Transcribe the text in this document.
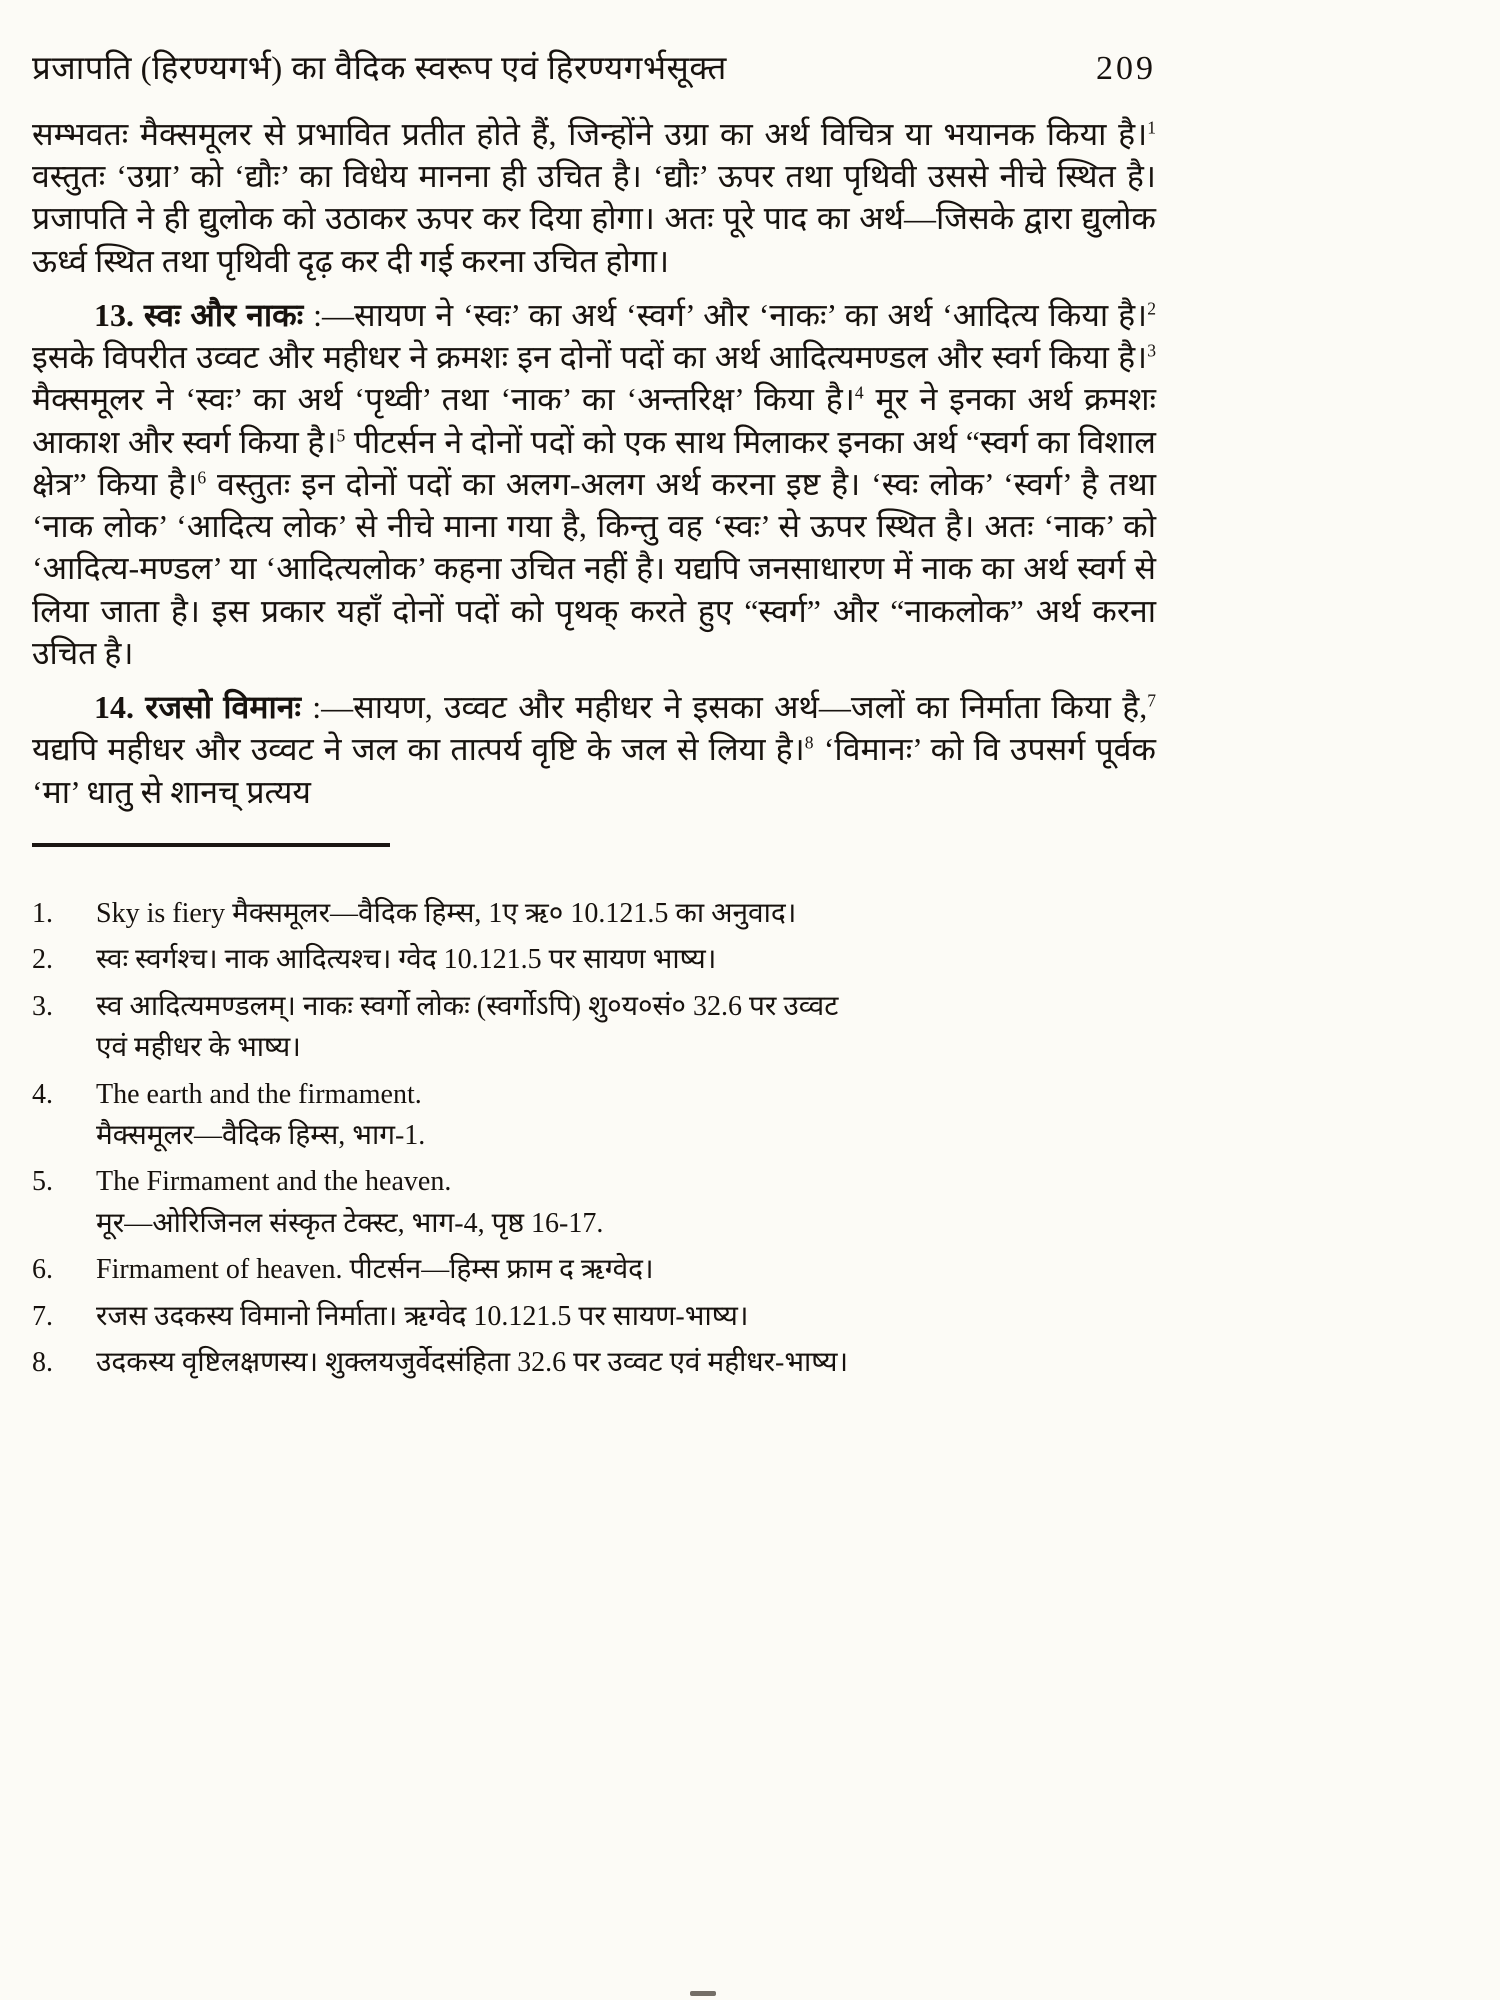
प्रजापति (हिरण्यगर्भ) का वैदिक स्वरूप एवं हिरण्यगर्भसूक्त	209

सम्भवतः मैक्समूलर से प्रभावित प्रतीत होते हैं, जिन्होंने उग्रा का अर्थ विचित्र या भयानक किया है।$^1$ वस्तुतः ‘उग्रा’ को ‘द्यौः’ का विधेय मानना ही उचित है। ‘द्यौः’ ऊपर तथा पृथिवी उससे नीचे स्थित है। प्रजापति ने ही द्युलोक को उठाकर ऊपर कर दिया होगा। अतः पूरे पाद का अर्थ—जिसके द्वारा द्युलोक ऊर्ध्व स्थित तथा पृथिवी दृढ़ कर दी गई करना उचित होगा।

13. स्वः और नाकः :—सायण ने ‘स्वः’ का अर्थ ‘स्वर्ग’ और ‘नाकः’ का अर्थ ‘आदित्य किया है।$^2$ इसके विपरीत उव्वट और महीधर ने क्रमशः इन दोनों पदों का अर्थ आदित्यमण्डल और स्वर्ग किया है।$^3$ मैक्समूलर ने ‘स्वः’ का अर्थ ‘पृथ्वी’ तथा ‘नाक’ का ‘अन्तरिक्ष’ किया है।$^4$ मूर ने इनका अर्थ क्रमशः आकाश और स्वर्ग किया है।$^5$ पीटर्सन ने दोनों पदों को एक साथ मिलाकर इनका अर्थ “स्वर्ग का विशाल क्षेत्र” किया है।$^6$ वस्तुतः इन दोनों पदों का अलग-अलग अर्थ करना इष्ट है। ‘स्वः लोक’ ‘स्वर्ग’ है तथा ‘नाक लोक’ ‘आदित्य लोक’ से नीचे माना गया है, किन्तु वह ‘स्वः’ से ऊपर स्थित है। अतः ‘नाक’ को ‘आदित्य-मण्डल’ या ‘आदित्यलोक’ कहना उचित नहीं है। यद्यपि जनसाधारण में नाक का अर्थ स्वर्ग से लिया जाता है। इस प्रकार यहाँ दोनों पदों को पृथक् करते हुए “स्वर्ग” और “नाकलोक” अर्थ करना उचित है।

14. रजसो विमानः :—सायण, उव्वट और महीधर ने इसका अर्थ—जलों का निर्माता किया है,$^7$ यद्यपि महीधर और उव्वट ने जल का तात्पर्य वृष्टि के जल से लिया है।$^8$ ‘विमानः’ को वि उपसर्ग पूर्वक ‘मा’ धातु से शानच् प्रत्यय

1.	Sky is fiery मैक्समूलर—वैदिक हिम्स, 1ए ऋ० 10.121.5 का अनुवाद।
2.	स्वः स्वर्गश्च। नाक आदित्यश्च। ग्वेद 10.121.5 पर सायण भाष्य।
3.	स्व आदित्यमण्डलम्। नाकः स्वर्गो लोकः (स्वर्गोऽपि) शु०य०सं० 32.6 पर उव्वट
एवं महीधर के भाष्य।
4.	The earth and the firmament.
मैक्समूलर—वैदिक हिम्स, भाग-1.
5.	The Firmament and the heaven.
मूर—ओरिजिनल संस्कृत टेक्स्ट, भाग-4, पृष्ठ 16-17.
6.	Firmament of heaven. पीटर्सन—हिम्स फ्राम द ऋग्वेद।
7.	रजस उदकस्य विमानो निर्माता। ऋग्वेद 10.121.5 पर सायण-भाष्य।
8.	उदकस्य वृष्टिलक्षणस्य। शुक्लयजुर्वेदसंहिता 32.6 पर उव्वट एवं महीधर-भाष्य।
